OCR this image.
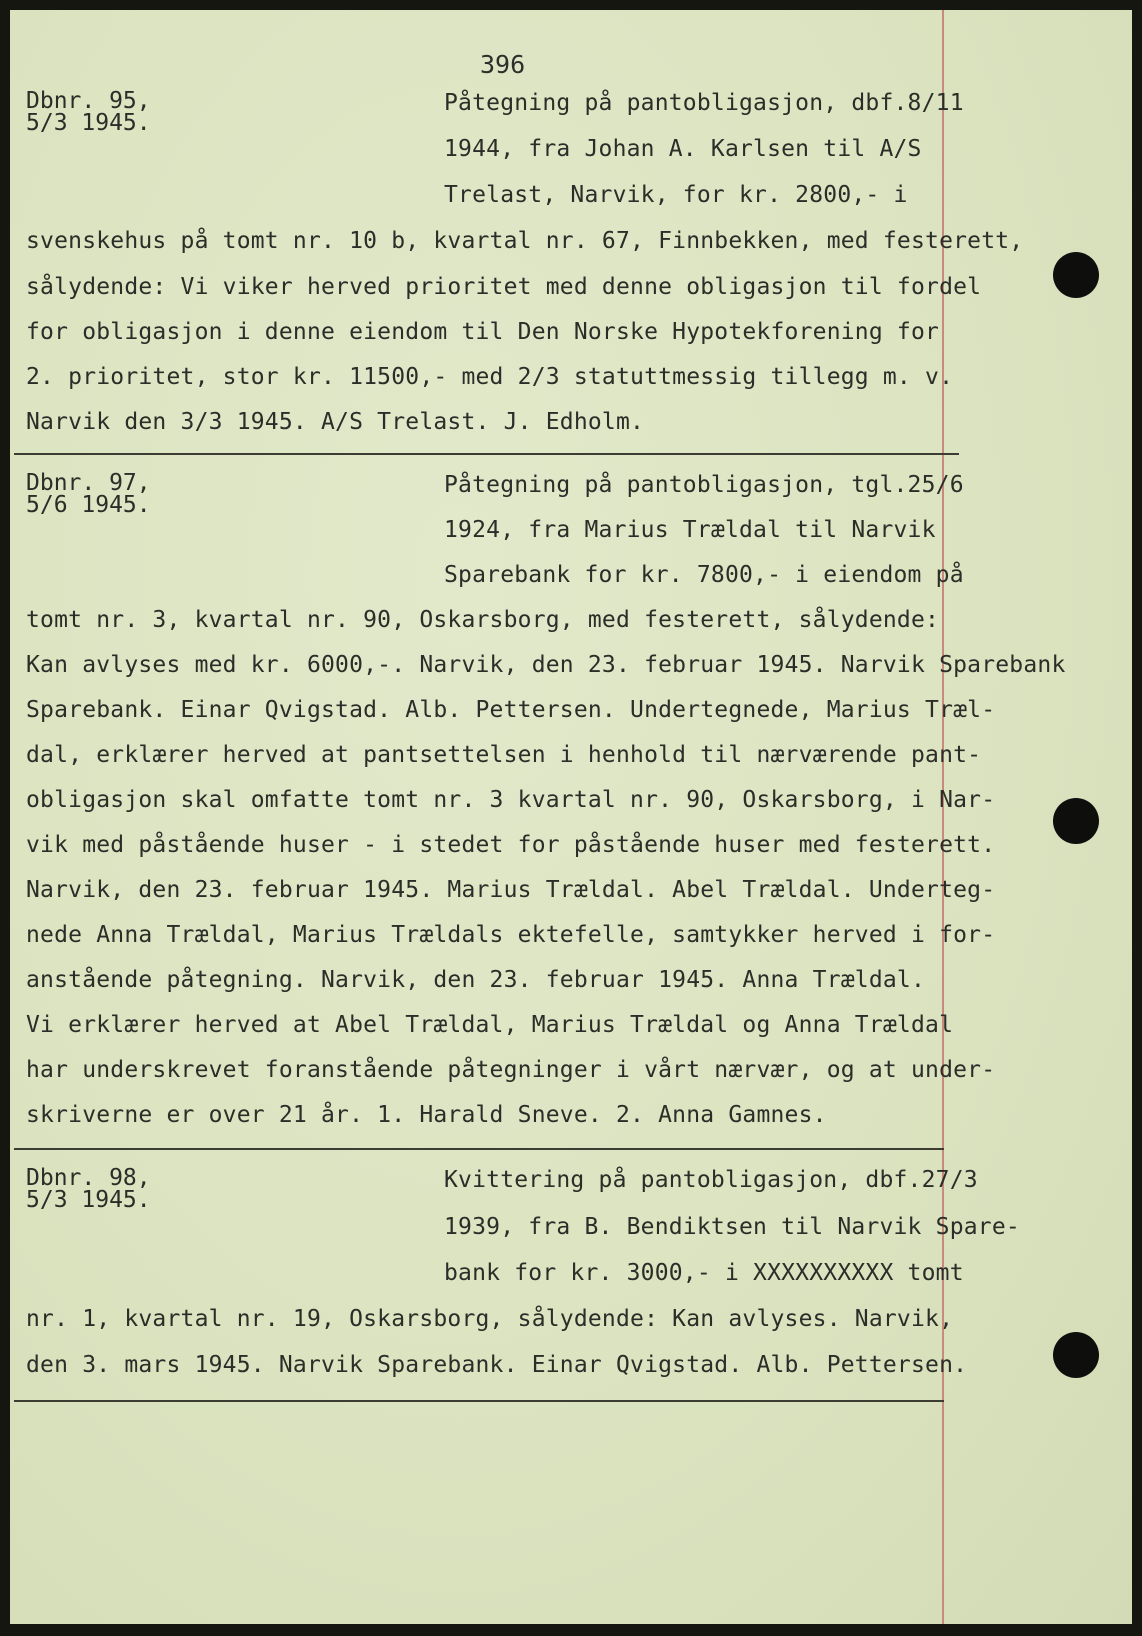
396
Dbnr. 95,
5/3 1945.
Påtegning på pantobligasjon, dbf.8/11
1944, fra Johan A. Karlsen til A/S
Trelast, Narvik, for kr. 2800,- i
svenskehus på tomt nr. 10 b, kvartal nr. 67, Finnbekken, med festerett,
sålydende: Vi viker herved prioritet med denne obligasjon til fordel
for obligasjon i denne eiendom til Den Norske Hypotekforening for
2. prioritet, stor kr. 11500,- med 2/3 statuttmessig tillegg m. v.
Narvik den 3/3 1945. A/S Trelast. J. Edholm.
Dbnr. 97,
5/6 1945.
Påtegning på pantobligasjon, tgl.25/6
1924, fra Marius Trældal til Narvik
Sparebank for kr. 7800,- i eiendom på
tomt nr. 3, kvartal nr. 90, Oskarsborg, med festerett, sålydende:
Kan avlyses med kr. 6000,-. Narvik, den 23. februar 1945. Narvik Sparebank
Sparebank. Einar Qvigstad. Alb. Pettersen. Undertegnede, Marius Træl-
dal, erklærer herved at pantsettelsen i henhold til nærværende pant-
obligasjon skal omfatte tomt nr. 3 kvartal nr. 90, Oskarsborg, i Nar-
vik med påstående huser - i stedet for påstående huser med festerett.
Narvik, den 23. februar 1945. Marius Trældal. Abel Trældal. Underteg-
nede Anna Trældal, Marius Trældals ektefelle, samtykker herved i for-
anstående påtegning. Narvik, den 23. februar 1945. Anna Trældal.
Vi erklærer herved at Abel Trældal, Marius Trældal og Anna Trældal
har underskrevet foranstående påtegninger i vårt nærvær, og at under-
skriverne er over 21 år. 1. Harald Sneve. 2. Anna Gamnes.
Dbnr. 98,
5/3 1945.
Kvittering på pantobligasjon, dbf.27/3
1939, fra B. Bendiktsen til Narvik Spare-
bank for kr. 3000,- i XXXXXXXXXX tomt
nr. 1, kvartal nr. 19, Oskarsborg, sålydende: Kan avlyses. Narvik,
den 3. mars 1945. Narvik Sparebank. Einar Qvigstad. Alb. Pettersen.
